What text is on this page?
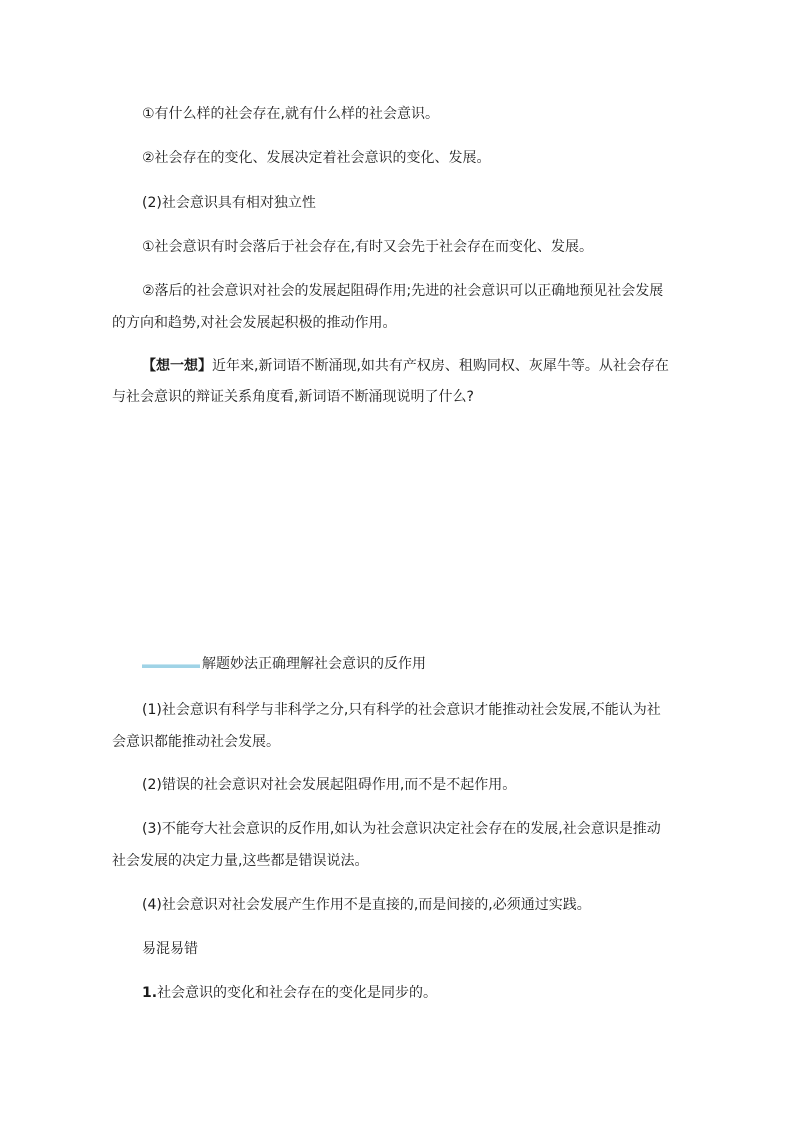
①有什么样的社会存在,就有什么样的社会意识。
②社会存在的变化、发展决定着社会意识的变化、发展。
(2)社会意识具有相对独立性
①社会意识有时会落后于社会存在,有时又会先于社会存在而变化、发展。
②落后的社会意识对社会的发展起阻碍作用;先进的社会意识可以正确地预见社会发展
的方向和趋势,对社会发展起积极的推动作用。
【想一想】近年来,新词语不断涌现,如共有产权房、租购同权、灰犀牛等。从社会存在
与社会意识的辩证关系角度看,新词语不断涌现说明了什么?
解题妙法正确理解社会意识的反作用
(1)社会意识有科学与非科学之分,只有科学的社会意识才能推动社会发展,不能认为社
会意识都能推动社会发展。
(2)错误的社会意识对社会发展起阻碍作用,而不是不起作用。
(3)不能夸大社会意识的反作用,如认为社会意识决定社会存在的发展,社会意识是推动
社会发展的决定力量,这些都是错误说法。
(4)社会意识对社会发展产生作用不是直接的,而是间接的,必须通过实践。
易混易错
1.社会意识的变化和社会存在的变化是同步的。
